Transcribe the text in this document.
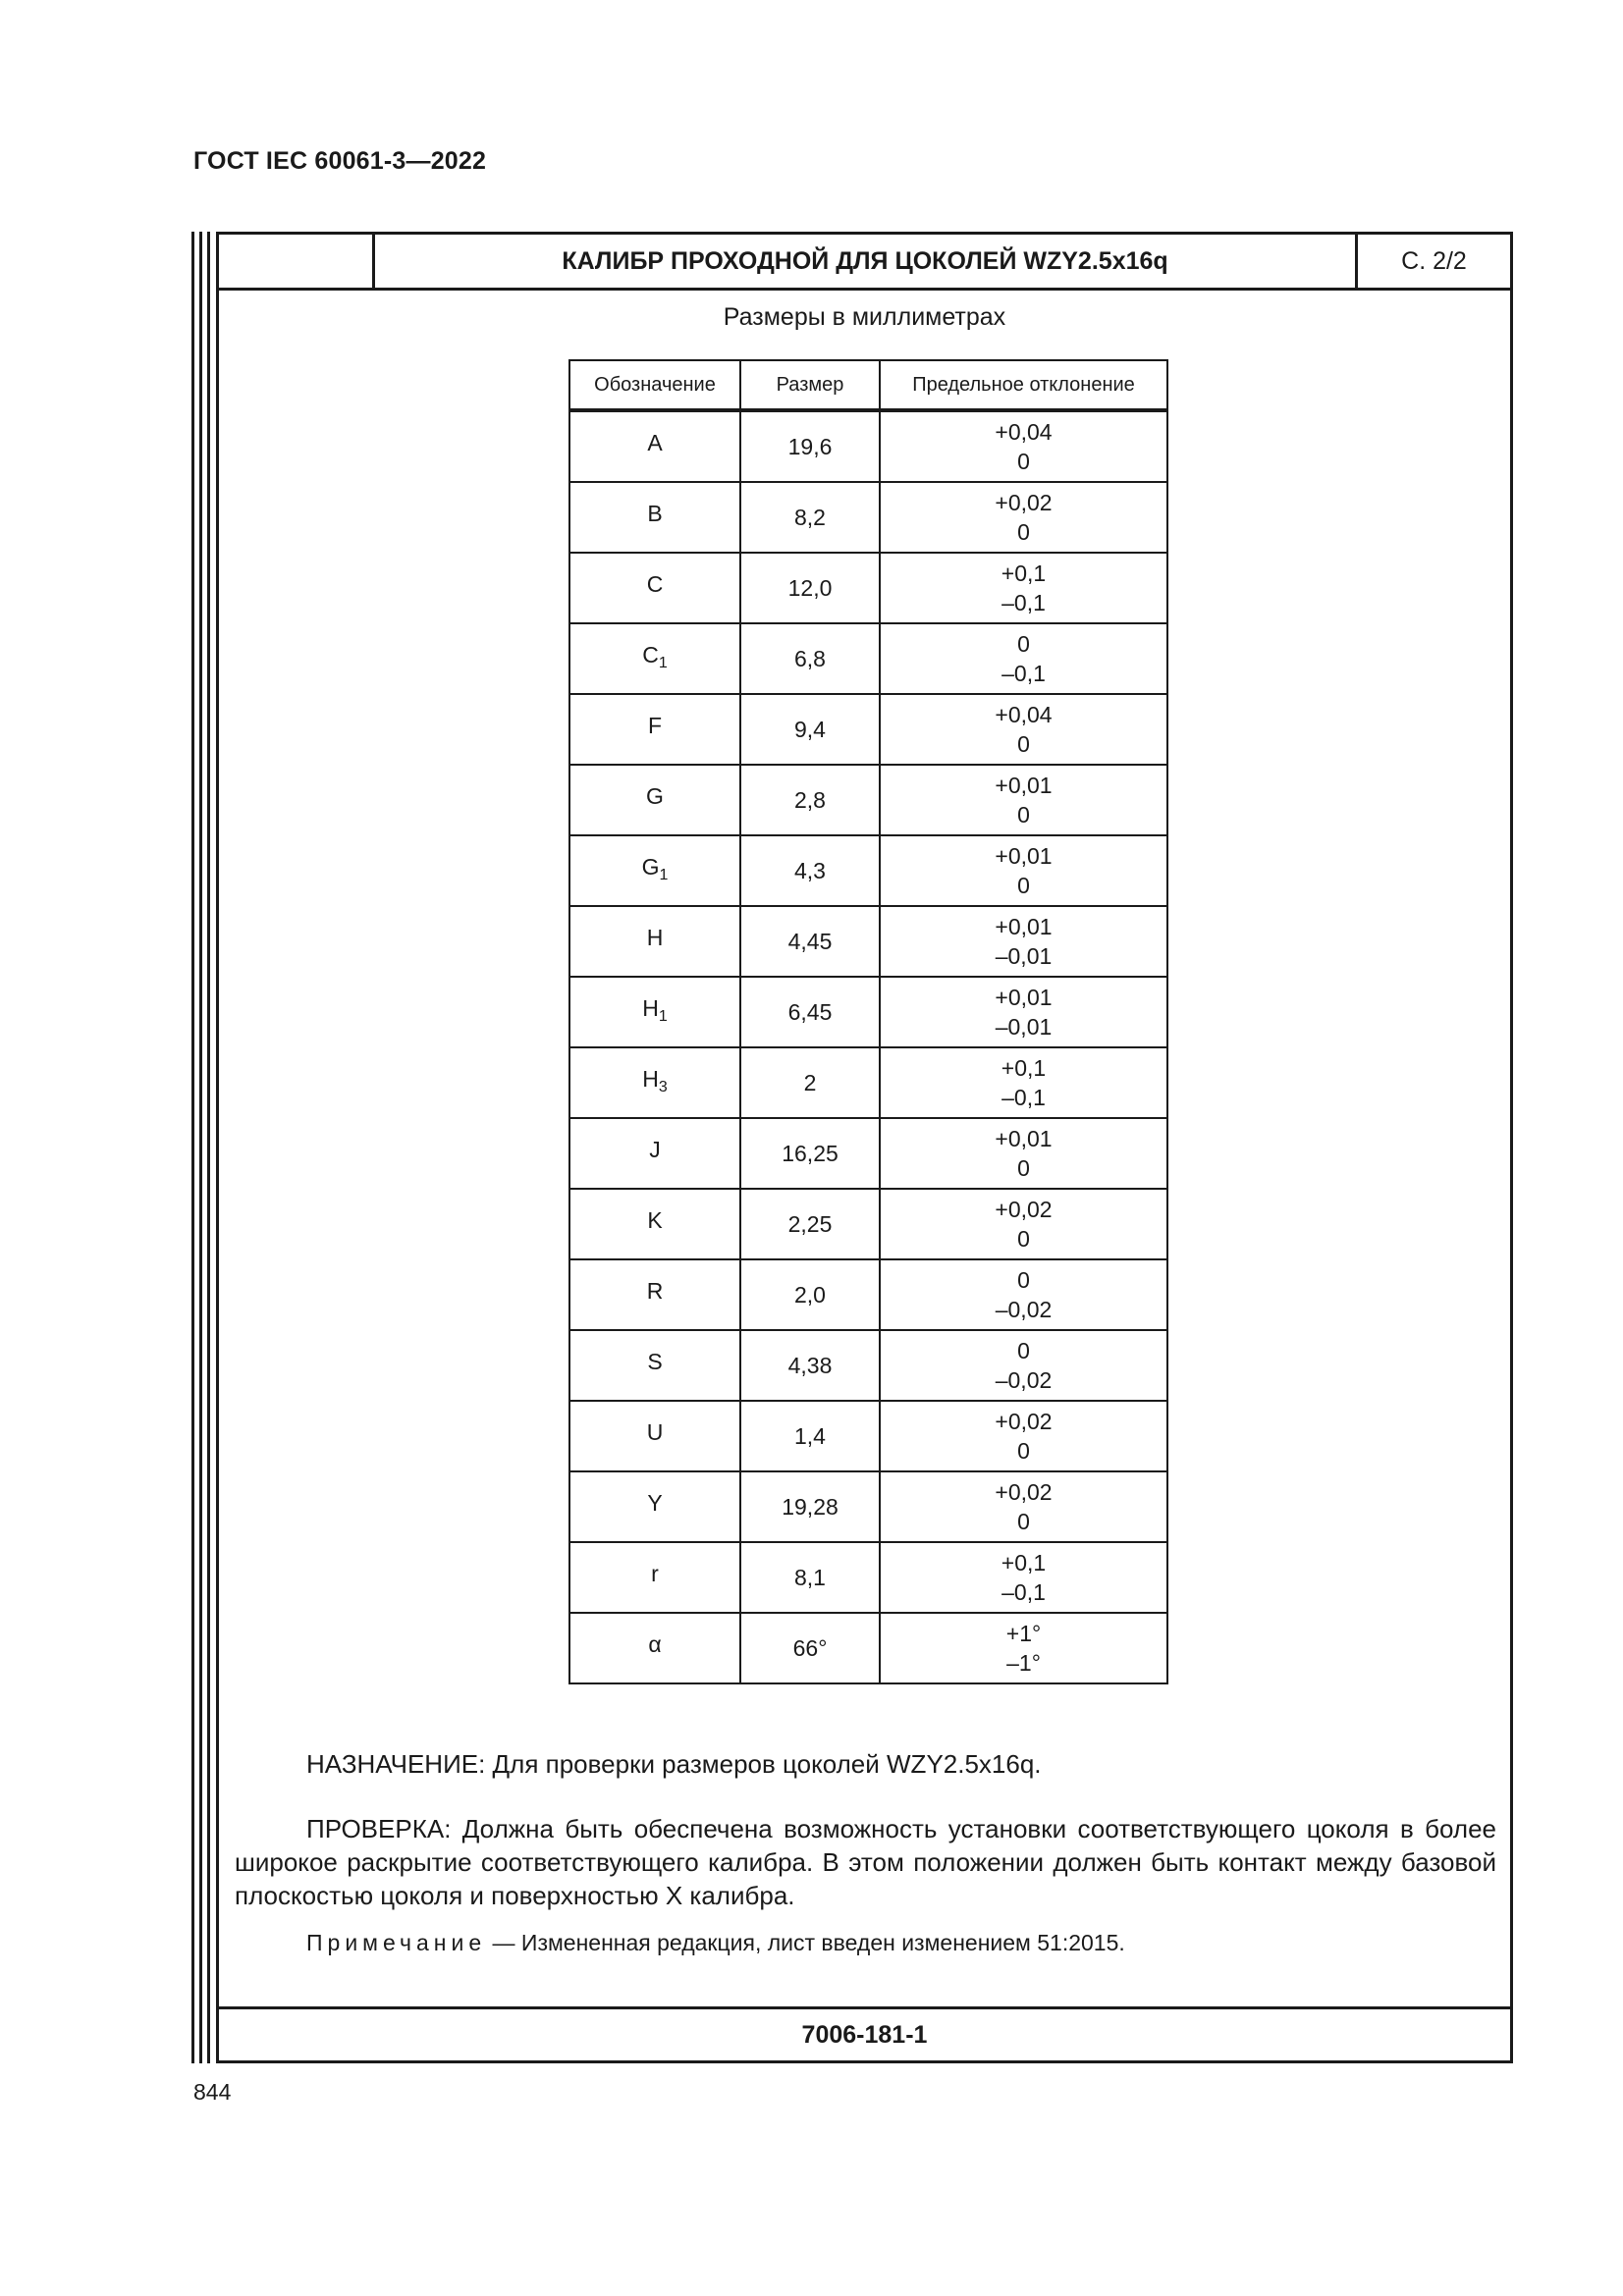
ГОСТ IEC 60061-3—2022
КАЛИБР ПРОХОДНОЙ ДЛЯ ЦОКОЛЕЙ WZY2.5x16q	С. 2/2
Размеры в миллиметрах
Обозначение	Размер	Предельное отклонение
A	19,6	+0,04
0

B	8,2	+0,02
0

C	12,0	+0,1
–0,1

$C_1$	6,8	0
–0,1

F	9,4	+0,04
0

G	2,8	+0,01
0

$G_1$	4,3	+0,01
0

H	4,45	+0,01
–0,01

$H_1$	6,45	+0,01
–0,01

$H_3$	2	+0,1
–0,1

J	16,25	+0,01
0

K	2,25	+0,02
0

R	2,0	0
–0,02

S	4,38	0
–0,02

U	1,4	+0,02
0

Y	19,28	+0,02
0

r	8,1	+0,1
–0,1

α	66°	+1°
–1°
НАЗНАЧЕНИЕ: Для проверки размеров цоколей WZY2.5x16q.
ПРОВЕРКА: Должна быть обеспечена возможность установки соответствующего цоколя в более широкое раскрытие соответствующего калибра. В этом положении должен быть контакт между базовой плоскостью цоколя и поверхностью X калибра.
Примечание — Измененная редакция, лист введен изменением 51:2015.
7006-181-1
844
